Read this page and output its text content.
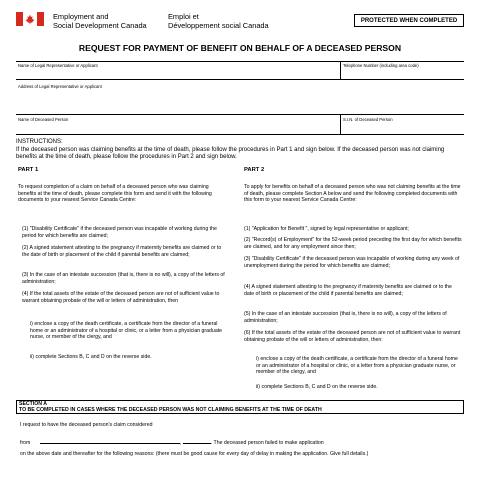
Employment and
Social Development Canada
Emploi et
Développement social Canada
PROTECTED WHEN COMPLETED
REQUEST FOR PAYMENT OF BENEFIT ON BEHALF OF A DECEASED PERSON
Name of Legal Representative or Applicant	Telephone Number (including area code)
Address of Legal Representative or Applicant
Name of Deceased Person	S.I.N. of Deceased Person
INSTRUCTIONS:
If the deceased person was claiming benefits at the time of death, please follow the procedures in Part 1 and sign below. If the deceased person was not claiming benefits at the time of death, please follow the procedures in Part 2 and sign below.
PART 1
To request completion of a claim on behalf of a deceased person who was claiming benefits at the time of death, please complete this form and send it with the following documents to your nearest Service Canada Centre:
(1) "Disability Certificate" if the deceased person was incapable of working during the period for which benefits are claimed;
(2) A signed statement attesting to the pregnancy if maternity benefits are claimed or to the date of birth or placement of the child if parental benefits are claimed;
(3) In the case of an intestate succession (that is, there is no will), a copy of the letters of administration;
(4) If the total assets of the estate of the deceased person are not of sufficient value to warrant obtaining probate of the will or letters of administration, then
i) enclose a copy of the death certificate, a certificate from the director of a funeral home or an administrator of a hospital or clinic, or a letter from a physician graduate nurse, or member of the clergy, and
ii) complete Sections B, C and D on the reverse side.
PART 2
To apply for benefits on behalf of a deceased person who was not claiming benefits at the time of death, please complete Section A below and send the following completed documents with this form to your nearest Service Canada Centre:
(1) "Application for Benefit ", signed by legal representative or applicant;
(2) "Record(s) of Employment" for the 52-week period preceding the first day for which benefits are claimed, and for any employment since then;
(3) "Disability Certificate" if the deceased person was incapable of working during any week of unemployment during the period for which benefits are claimed;
(4) A signed statement attesting to the pregnancy if maternity benefits are claimed or to the date of birth or placement of the child if parental benefits are claimed;
(5) In the case of an intestate succession (that is, there is no will), a copy of the letters of administration;
(6) If the total assets of the estate of the deceased person are not of sufficient value to warrant obtaining probate of the will or letters of administration, then:
i) enclose a copy of the death certificate, a certificate from the director of a funeral home or an administrator of a hospital or clinic, or a letter from a physician graduate nurse, or member of the clergy, and
ii) complete Sections B, C and D on the reverse side.
SECTION A
TO BE COMPLETED IN CASES WHERE THE DECEASED PERSON WAS NOT CLAIMING BENEFITS AT THE TIME OF DEATH
I request to have the deceased person's claim considered
from	,	. The deceased person failed to make application
on the above date and thereafter for the following reasons: (there must be good cause for every day of delay in making the application. Give full details.)
